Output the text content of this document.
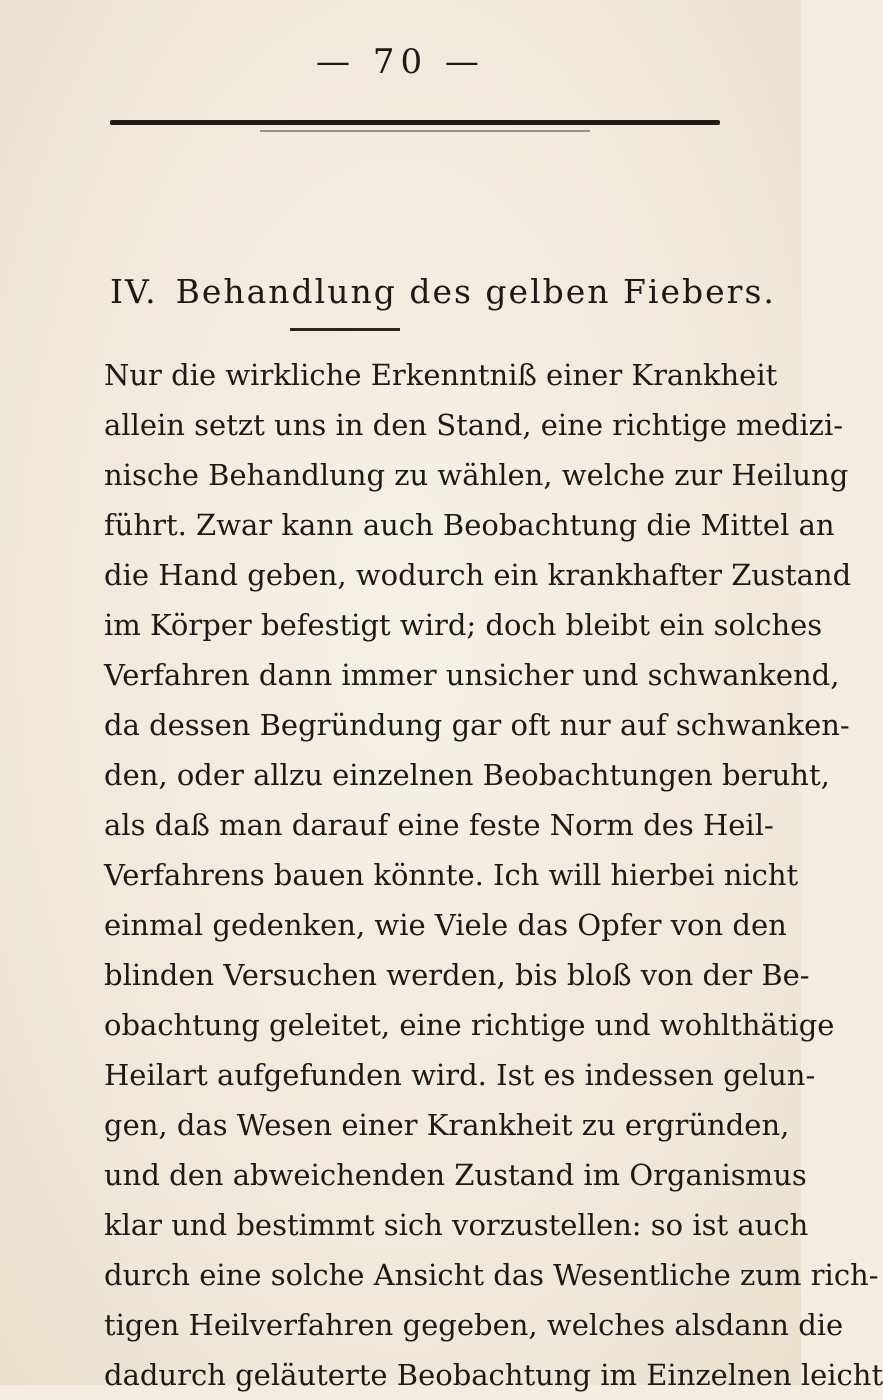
— 70 —
IV. Behandlung des gelben Fiebers.
Nur die wirkliche Erkenntniß einer Krankheit
allein setzt uns in den Stand, eine richtige medizi-
nische Behandlung zu wählen, welche zur Heilung
führt. Zwar kann auch Beobachtung die Mittel an
die Hand geben, wodurch ein krankhafter Zustand
im Körper befestigt wird; doch bleibt ein solches
Verfahren dann immer unsicher und schwankend,
da dessen Begründung gar oft nur auf schwanken-
den, oder allzu einzelnen Beobachtungen beruht,
als daß man darauf eine feste Norm des Heil-
Verfahrens bauen könnte. Ich will hierbei nicht
einmal gedenken, wie Viele das Opfer von den
blinden Versuchen werden, bis bloß von der Be-
obachtung geleitet, eine richtige und wohlthätige
Heilart aufgefunden wird. Ist es indessen gelun-
gen, das Wesen einer Krankheit zu ergründen,
und den abweichenden Zustand im Organismus
klar und bestimmt sich vorzustellen: so ist auch
durch eine solche Ansicht das Wesentliche zum rich-
tigen Heilverfahren gegeben, welches alsdann die
dadurch geläuterte Beobachtung im Einzelnen leicht
